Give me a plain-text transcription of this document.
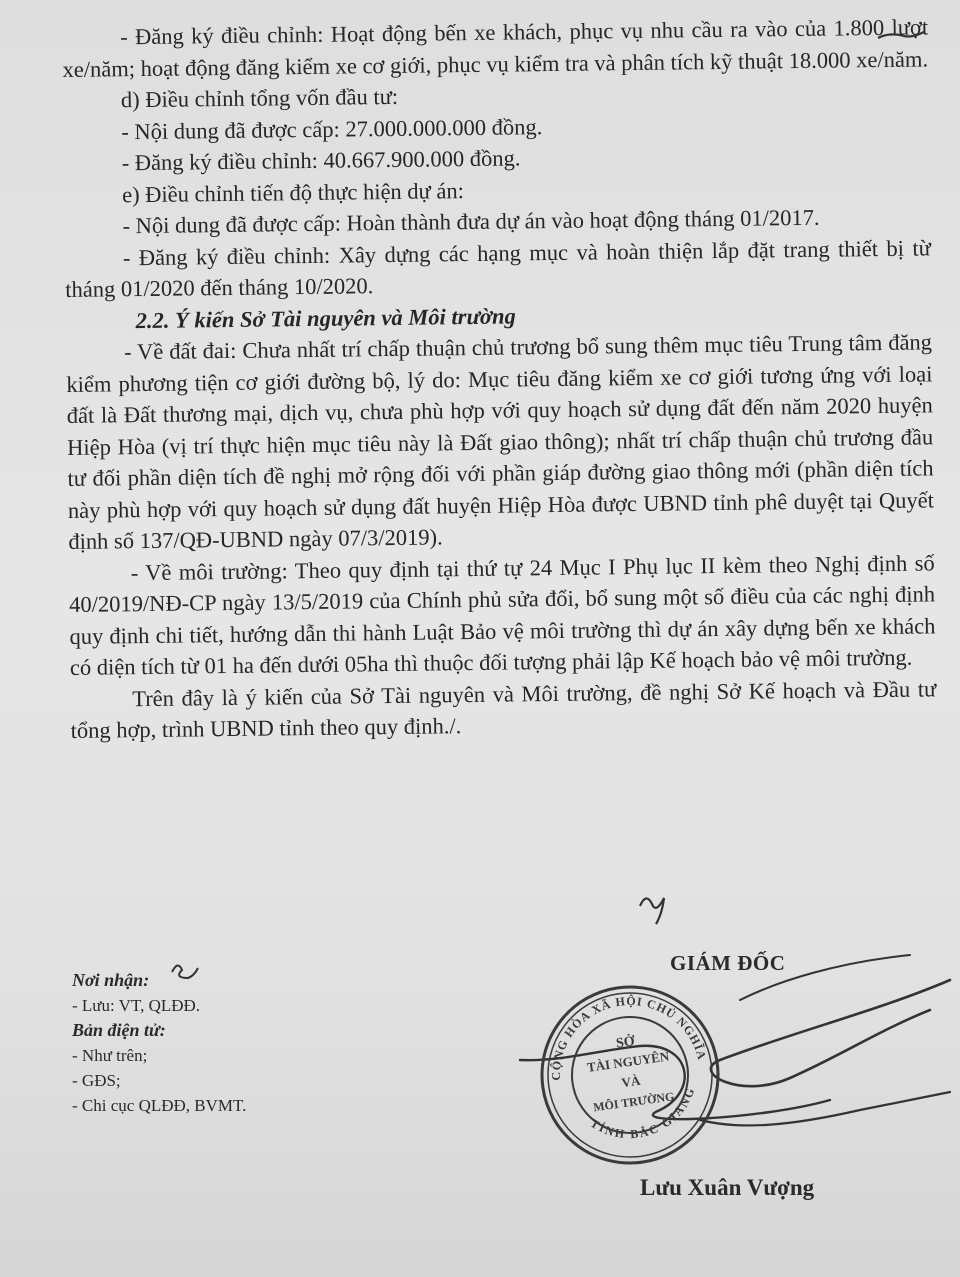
- Đăng ký điều chỉnh: Hoạt động bến xe khách, phục vụ nhu cầu ra vào của 1.800 lượt xe/năm; hoạt động đăng kiểm xe cơ giới, phục vụ kiểm tra và phân tích kỹ thuật 18.000 xe/năm.

d) Điều chỉnh tổng vốn đầu tư:

- Nội dung đã được cấp: 27.000.000.000 đồng.

- Đăng ký điều chỉnh: 40.667.900.000 đồng.

e) Điều chỉnh tiến độ thực hiện dự án:

- Nội dung đã được cấp: Hoàn thành đưa dự án vào hoạt động tháng 01/2017.

- Đăng ký điều chỉnh: Xây dựng các hạng mục và hoàn thiện lắp đặt trang thiết bị từ tháng 01/2020 đến tháng 10/2020.

2.2. Ý kiến Sở Tài nguyên và Môi trường

- Về đất đai: Chưa nhất trí chấp thuận chủ trương bổ sung thêm mục tiêu Trung tâm đăng kiểm phương tiện cơ giới đường bộ, lý do: Mục tiêu đăng kiểm xe cơ giới tương ứng với loại đất là Đất thương mại, dịch vụ, chưa phù hợp với quy hoạch sử dụng đất đến năm 2020 huyện Hiệp Hòa (vị trí thực hiện mục tiêu này là Đất giao thông); nhất trí chấp thuận chủ trương đầu tư đối phần diện tích đề nghị mở rộng đối với phần giáp đường giao thông mới (phần diện tích này phù hợp với quy hoạch sử dụng đất huyện Hiệp Hòa được UBND tỉnh phê duyệt tại Quyết định số 137/QĐ-UBND ngày 07/3/2019).

- Về môi trường: Theo quy định tại thứ tự 24 Mục I Phụ lục II kèm theo Nghị định số 40/2019/NĐ-CP ngày 13/5/2019 của Chính phủ sửa đổi, bổ sung một số điều của các nghị định quy định chi tiết, hướng dẫn thi hành Luật Bảo vệ môi trường thì dự án xây dựng bến xe khách có diện tích từ 01 ha đến dưới 05ha thì thuộc đối tượng phải lập Kế hoạch bảo vệ môi trường.

Trên đây là ý kiến của Sở Tài nguyên và Môi trường, đề nghị Sở Kế hoạch và Đầu tư tổng hợp, trình UBND tỉnh theo quy định./.

Nơi nhận:
- Lưu: VT, QLĐĐ.
Bản điện tử:
- Như trên;
- GĐS;
- Chi cục QLĐĐ, BVMT.
GIÁM ĐỐC
CỘNG HÒA XÃ HỘI CHỦ NGHĨA
TỈNH BẮC GIANG
SỞ
TÀI NGUYÊN
VÀ
MÔI TRƯỜNG
Lưu Xuân Vượng
